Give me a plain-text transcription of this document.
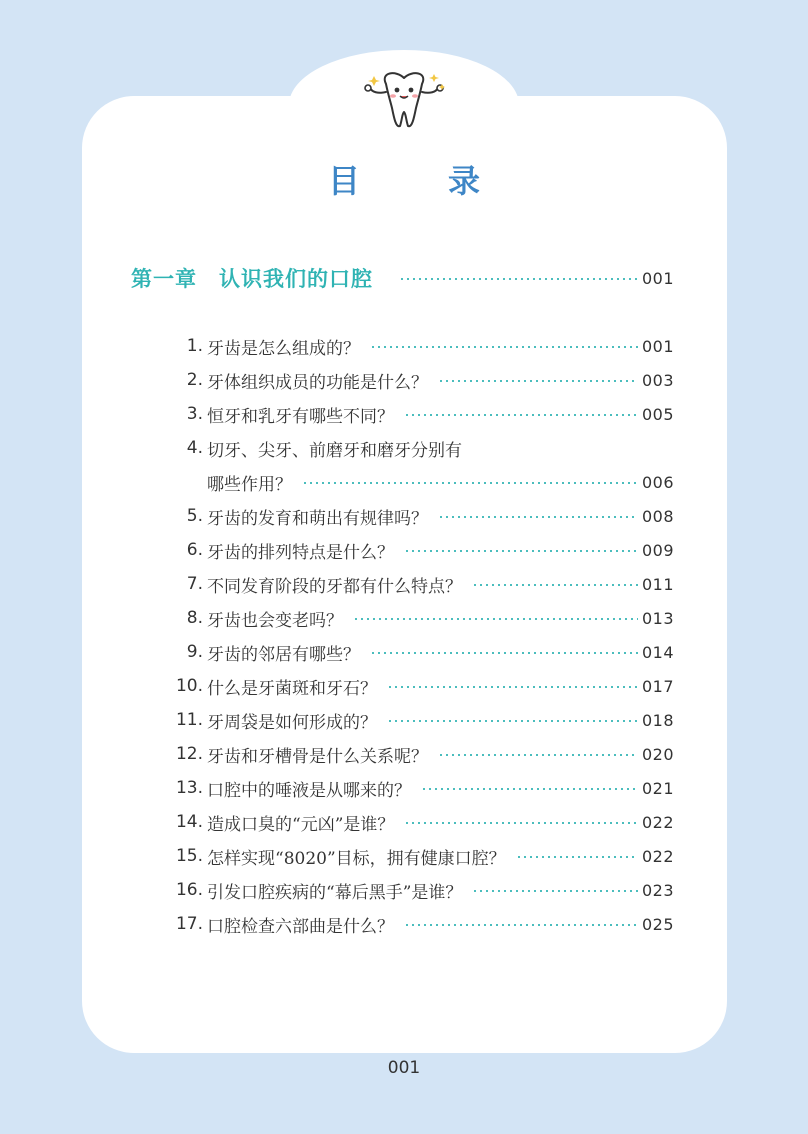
目　录
第一章 认识我们的口腔	001
1. 牙齿是怎么组成的？	001
2. 牙体组织成员的功能是什么？	003
3. 恒牙和乳牙有哪些不同？	005
4. 切牙、尖牙、前磨牙和磨牙分别有
哪些作用？	006
5. 牙齿的发育和萌出有规律吗？	008
6. 牙齿的排列特点是什么？	009
7. 不同发育阶段的牙都有什么特点？	011
8. 牙齿也会变老吗？	013
9. 牙齿的邻居有哪些？	014
10. 什么是牙菌斑和牙石？	017
11. 牙周袋是如何形成的？	018
12. 牙齿和牙槽骨是什么关系呢？	020
13. 口腔中的唾液是从哪来的？	021
14. 造成口臭的“元凶”是谁？	022
15. 怎样实现“8020”目标，拥有健康口腔？	022
16. 引发口腔疾病的“幕后黑手”是谁？	023
17. 口腔检查六部曲是什么？	025
001
